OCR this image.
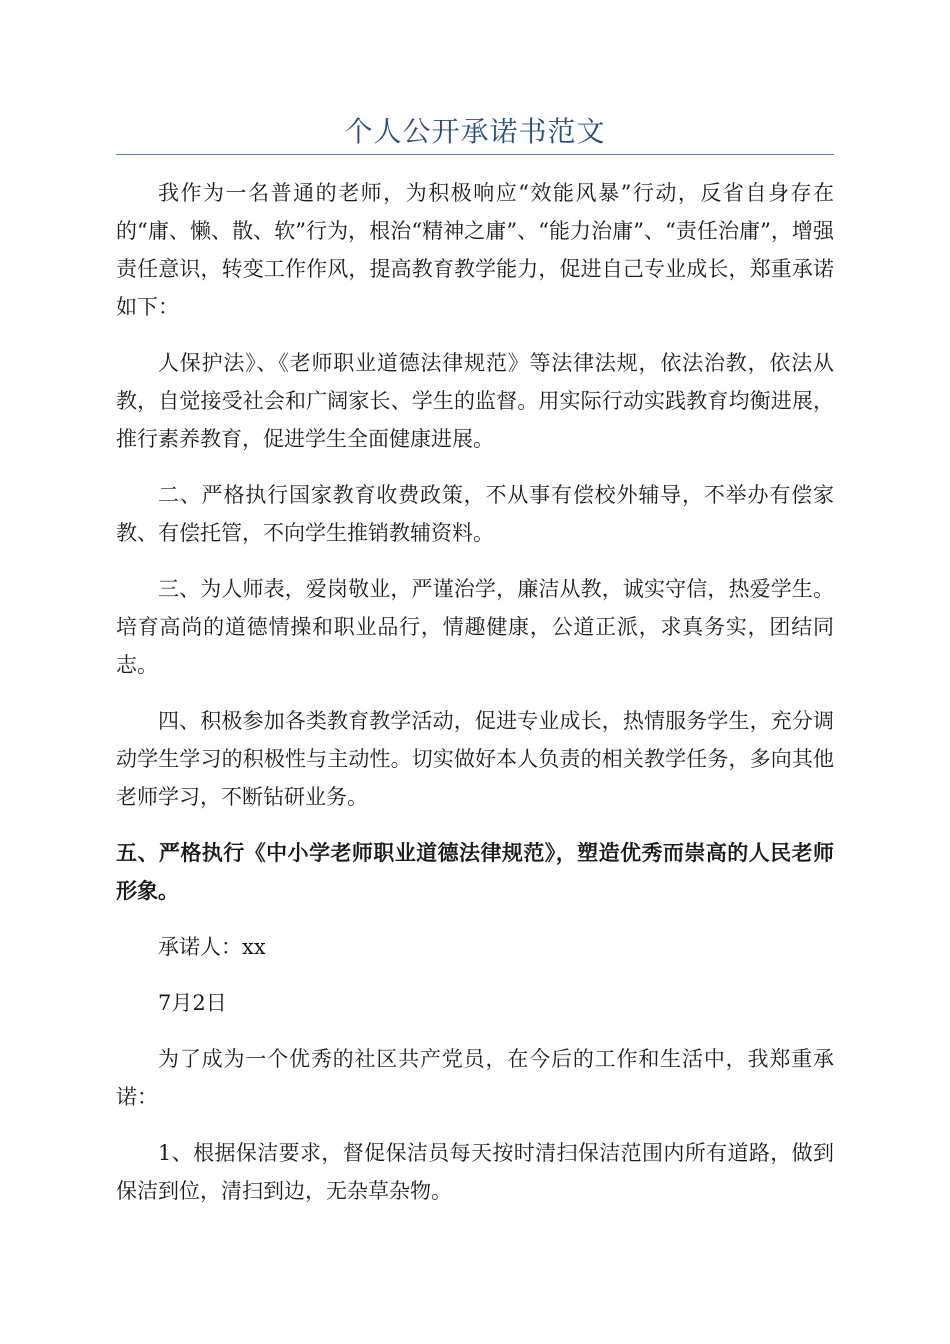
个人公开承诺书范文

我作为一名普通的老师，为积极响应“效能风暴”行动，反省自身存在的“庸、懒、散、软”行为，根治“精神之庸”、“能力治庸”、“责任治庸”，增强责任意识，转变工作作风，提高教育教学能力，促进自己专业成长，郑重承诺如下：

人保护法》、《老师职业道德法律规范》等法律法规，依法治教，依法从教，自觉接受社会和广阔家长、学生的监督。用实际行动实践教育均衡进展，推行素养教育，促进学生全面健康进展。

二、严格执行国家教育收费政策，不从事有偿校外辅导，不举办有偿家教、有偿托管，不向学生推销教辅资料。

三、为人师表，爱岗敬业，严谨治学，廉洁从教，诚实守信，热爱学生。培育高尚的道德情操和职业品行，情趣健康，公道正派，求真务实，团结同志。

四、积极参加各类教育教学活动，促进专业成长，热情服务学生，充分调动学生学习的积极性与主动性。切实做好本人负责的相关教学任务，多向其他老师学习，不断钻研业务。

五、严格执行《中小学老师职业道德法律规范》，塑造优秀而崇高的人民老师形象。

承诺人：xx

7月2日

为了成为一个优秀的社区共产党员，在今后的工作和生活中，我郑重承诺：

1、根据保洁要求，督促保洁员每天按时清扫保洁范围内所有道路，做到保洁到位，清扫到边，无杂草杂物。
